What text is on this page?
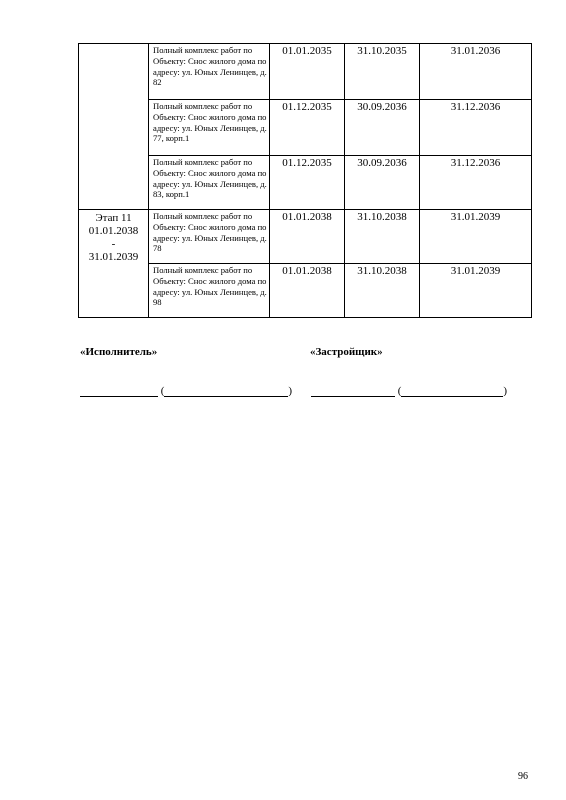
	Полный комплекс работ по Объекту: Снос жилого дома по адресу: ул. Юных Ленинцев, д. 82	01.01.2035	31.10.2035	31.01.2036
	Полный комплекс работ по Объекту: Снос жилого дома по адресу: ул. Юных Ленинцев, д. 77, корп.1	01.12.2035	30.09.2036	31.12.2036
	Полный комплекс работ по Объекту: Снос жилого дома по адресу: ул. Юных Ленинцев, д. 83, корп.1	01.12.2035	30.09.2036	31.12.2036

Этап 11
01.01.2038
-
31.01.2039	Полный комплекс работ по Объекту: Снос жилого дома по адресу: ул. Юных Ленинцев, д. 78	01.01.2038	31.10.2038	31.01.2039
	Полный комплекс работ по Объекту: Снос жилого дома по адресу: ул. Юных Ленинцев, д. 98	01.01.2038	31.10.2038	31.01.2039
«Исполнитель»	«Застройщик»
(	)	(	)
96
